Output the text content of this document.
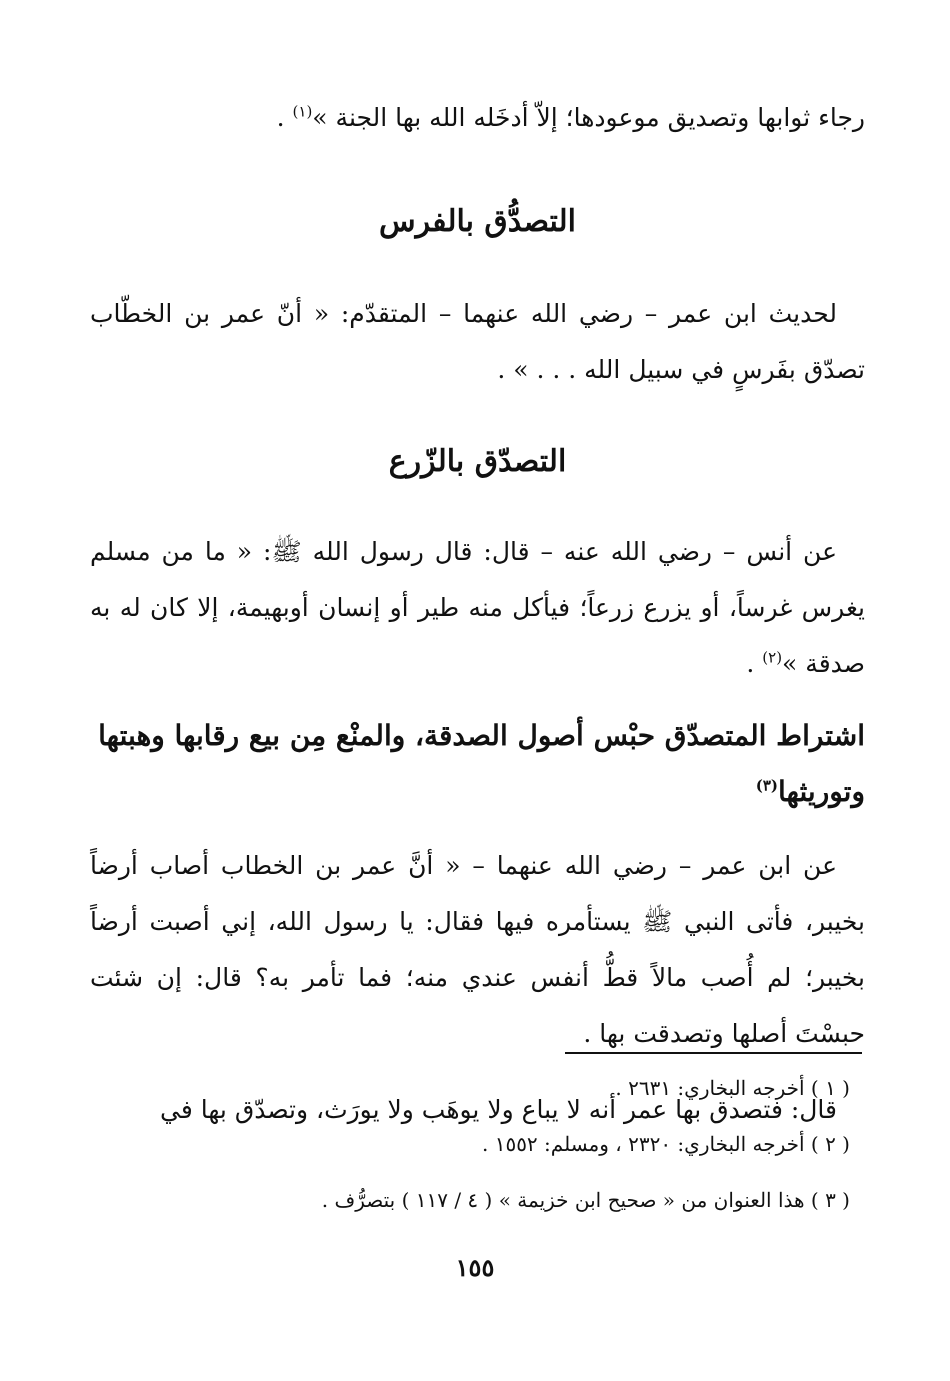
رجاء ثوابها وتصديق موعودها؛ إلاّ أدخَله الله بها الجنة »$^{(١)}$ .

التصدُّق بالفرس

لحديث ابن عمر – رضي الله عنهما – المتقدّم: « أنّ عمر بن الخطّاب تصدّق بفَرسٍ في سبيل الله . . . » .

التصدّق بالزّرع

عن أنس – رضي الله عنه – قال: قال رسول الله ﷺ: « ما من مسلم يغرس غرساً، أو يزرع زرعاً؛ فيأكل منه طير أو إنسان أوبهيمة، إلا كان له به صدقة »$^{(٢)}$ .

اشتراط المتصدّق حبْس أصول الصدقة، والمنْع مِن بيع رقابها وهبتها وتوريثها$^{(٣)}$

عن ابن عمر – رضي الله عنهما – « أنَّ عمر بن الخطاب أصاب أرضاً بخيبر، فأتى النبي ﷺ يستأمره فيها فقال: يا رسول الله، إني أصبت أرضاً بخيبر؛ لم أُصب مالاً قطُّ أنفس عندي منه؛ فما تأمر به؟ قال: إن شئت حبسْتَ أصلها وتصدقت بها .

قال: فتصدق بها عمر أنه لا يباع ولا يوهَب ولا يورَث، وتصدّق بها في

( ١ ) أخرجه البخاري: ٢٦٣١ .

( ٢ ) أخرجه البخاري: ٢٣٢٠ ، ومسلم: ١٥٥٢ .

( ٣ ) هذا العنوان من « صحيح ابن خزيمة » ( ٤ / ١١٧ ) بتصرُّف .

١٥٥
